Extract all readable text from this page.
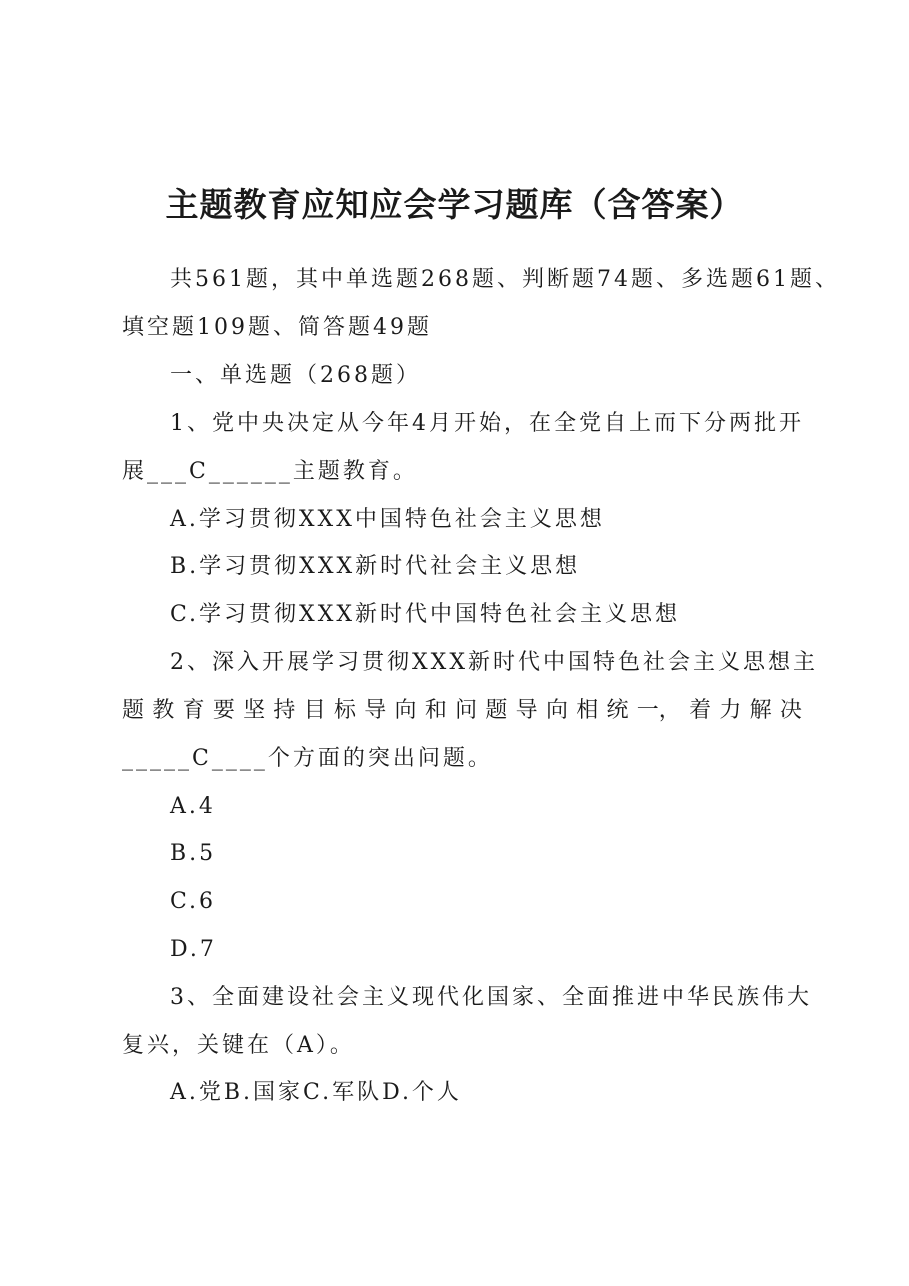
主题教育应知应会学习题库（含答案）
共561题，其中单选题268题、判断题74题、多选题61题、
填空题109题、简答题49题
一、单选题（268题）
1、党中央决定从今年4月开始，在全党自上而下分两批开
展___C______主题教育。
A.学习贯彻XXX中国特色社会主义思想
B.学习贯彻XXX新时代社会主义思想
C.学习贯彻XXX新时代中国特色社会主义思想
2、深入开展学习贯彻XXX新时代中国特色社会主义思想主
题 教 育 要 坚 持 目 标 导 向 和 问 题 导 向 相 统 一， 着 力 解 决
_____C____个方面的突出问题。
A.4
B.5
C.6
D.7
3、全面建设社会主义现代化国家、全面推进中华民族伟大
复兴，关键在（A）。
A.党B.国家C.军队D.个人
